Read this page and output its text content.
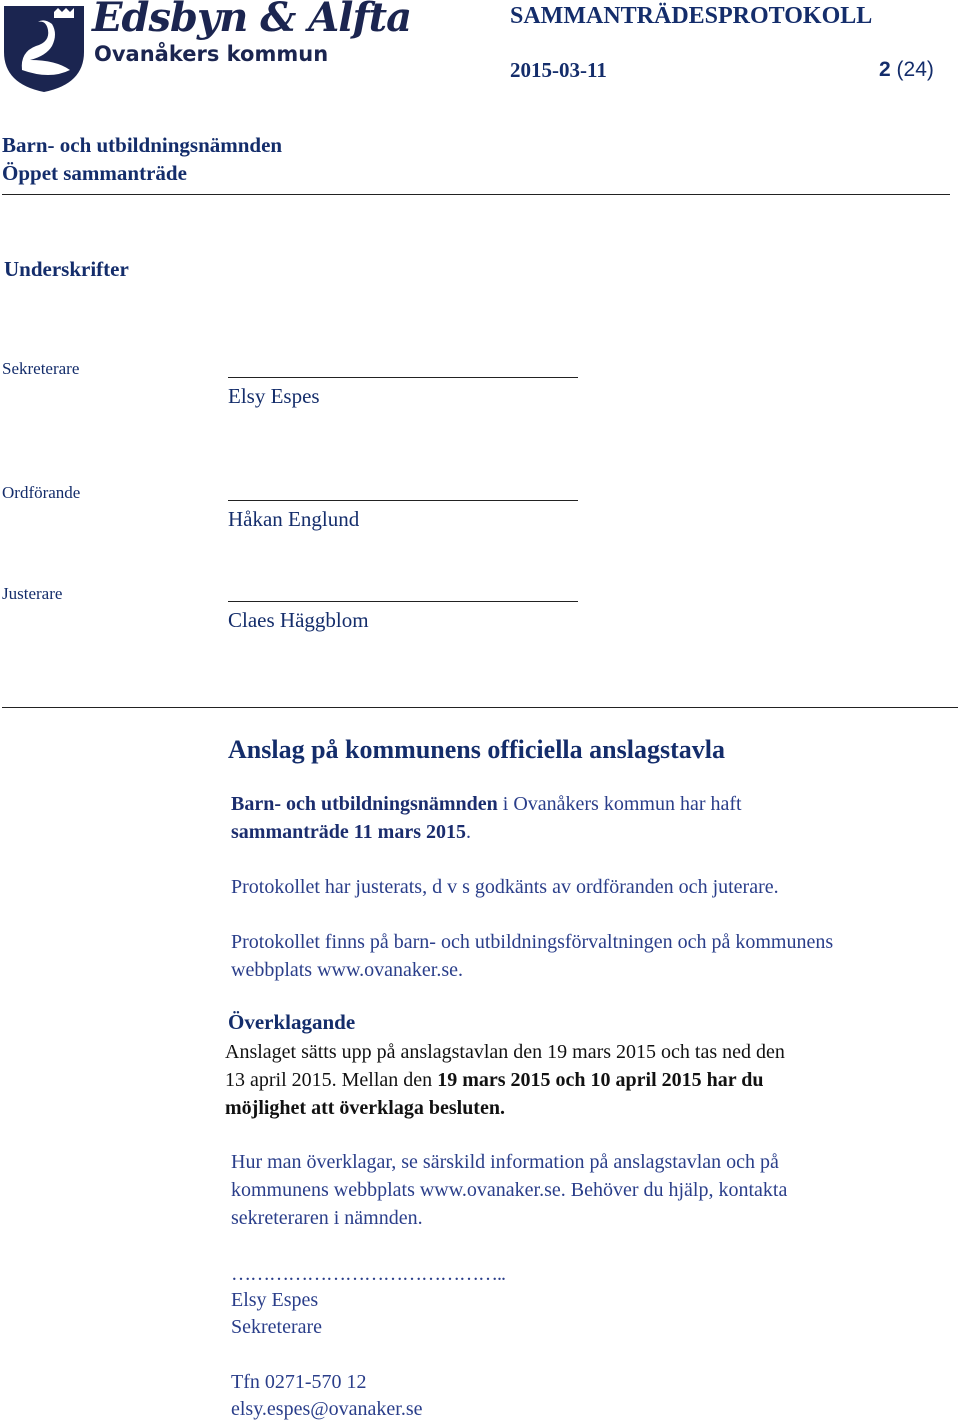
Edsbyn & Alfta
Ovanåkers kommun

SAMMANTRÄDESPROTOKOLL

2015-03-11	2 (24)

Barn- och utbildningsnämnden

Öppet sammanträde

Underskrifter

Sekreterare

Elsy Espes

Ordförande

Håkan Englund

Justerare

Claes Häggblom

Anslag på kommunens officiella anslagstavla

Barn- och utbildningsnämnden i Ovanåkers kommun har haft

sammanträde 11 mars 2015.

Protokollet har justerats, d v s godkänts av ordföranden och juterare.

Protokollet finns på barn- och utbildningsförvaltningen och på kommunens

webbplats www.ovanaker.se.

Överklagande

Anslaget sätts upp på anslagstavlan den 19 mars 2015 och tas ned den

13 april 2015. Mellan den 19 mars 2015 och 10 april 2015 har du

möjlighet att överklaga besluten.

Hur man överklagar, se särskild information på anslagstavlan och på

kommunens webbplats www.ovanaker.se. Behöver du hjälp, kontakta

sekreteraren i nämnden.

……………………………………..

Elsy Espes

Sekreterare

Tfn 0271-570 12

elsy.espes@ovanaker.se
